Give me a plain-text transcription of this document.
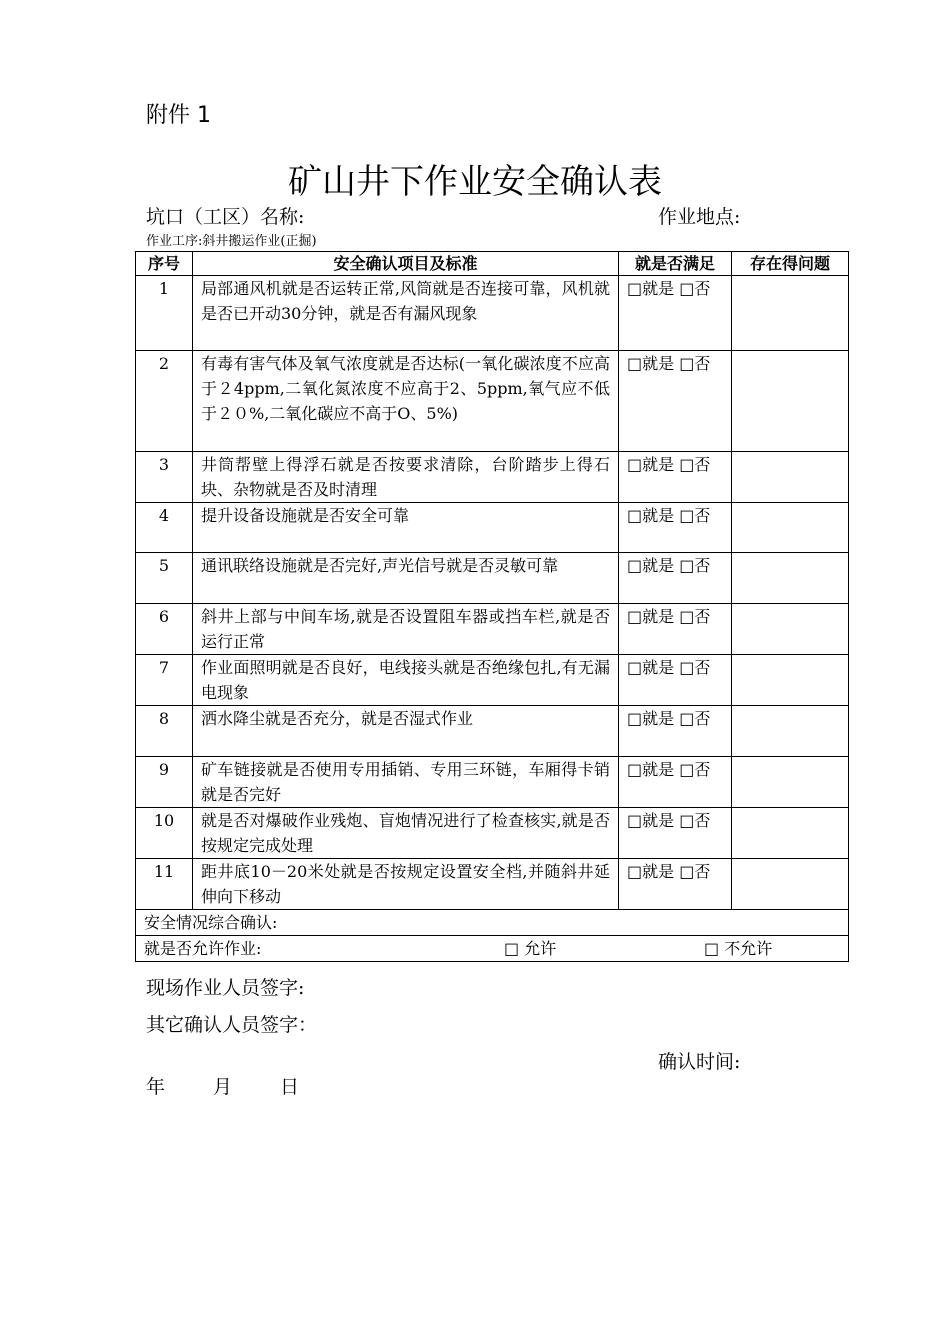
附件 1
矿山井下作业安全确认表
坑口（工区）名称:	作业地点:
作业工序:斜井搬运作业(正掘)
序号	安全确认项目及标准	就是否满足	存在得问题
1	局部通风机就是否运转正常,风筒就是否连接可靠，风机就是否已开动30分钟，就是否有漏风现象	□就是 □否	
2	有毒有害气体及氧气浓度就是否达标(一氧化碳浓度不应高于２4ppm,二氧化氮浓度不应高于2、5ppm,氧气应不低于２０%,二氧化碳应不高于O、5%)	□就是 □否	
3	井筒帮壁上得浮石就是否按要求清除，台阶踏步上得石块、杂物就是否及时清理	□就是 □否	
4	提升设备设施就是否安全可靠	□就是 □否	
5	通讯联络设施就是否完好,声光信号就是否灵敏可靠	□就是 □否	
6	斜井上部与中间车场,就是否设置阻车器或挡车栏,就是否运行正常	□就是 □否	
7	作业面照明就是否良好，电线接头就是否绝缘包扎,有无漏电现象	□就是 □否	
8	洒水降尘就是否充分，就是否湿式作业	□就是 □否	
9	矿车链接就是否使用专用插销、专用三环链，车厢得卡销就是否完好	□就是 □否	
10	就是否对爆破作业残炮、盲炮情况进行了检查核实,就是否按规定完成处理	□就是 □否	
11	距井底10－20米处就是否按规定设置安全档,并随斜井延伸向下移动	□就是 □否	
安全情况综合确认:			

就是否允许作业: □ 允许 □ 不允许			
现场作业人员签字:
其它确认人员签字：
确认时间:
年	月	日
